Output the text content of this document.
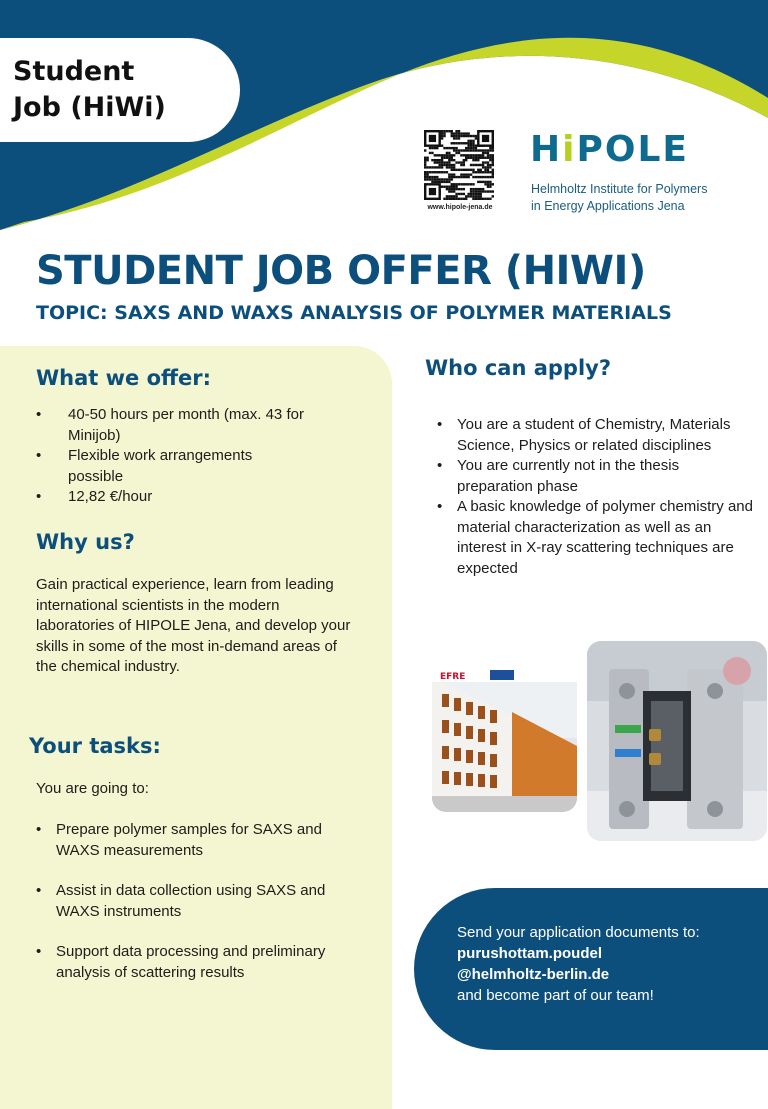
Student
Job (HiWi)

www.hipole-jena.de
HiPOLE

Helmholtz Institute for Polymers
in Energy Applications Jena

STUDENT JOB OFFER (HIWI)
TOPIC: SAXS AND WAXS ANALYSIS OF POLYMER MATERIALS
What we offer:
• 40-50 hours per month (max. 43 for Minijob)
• Flexible work arrangements possible
• 12,82 €/hour
Why us?

Gain practical experience, learn from leading international scientists in the modern laboratories of HIPOLE Jena, and develop your skills in some of the most in-demand areas of the chemical industry.

Your tasks:

You are going to:

• Prepare polymer samples for SAXS and WAXS measurements
• Assist in data collection using SAXS and WAXS instruments
• Support data processing and preliminary analysis of scattering results
Who can apply?
• You are a student of Chemistry, Materials Science, Physics or related disciplines
• You are currently not in the thesis preparation phase
• A basic knowledge of polymer chemistry and material characterization as well as an interest in X-ray scattering techniques are expected
EFRE
Send your application documents to:
purushottam.poudel
@helmholtz-berlin.de
and become part of our team!
